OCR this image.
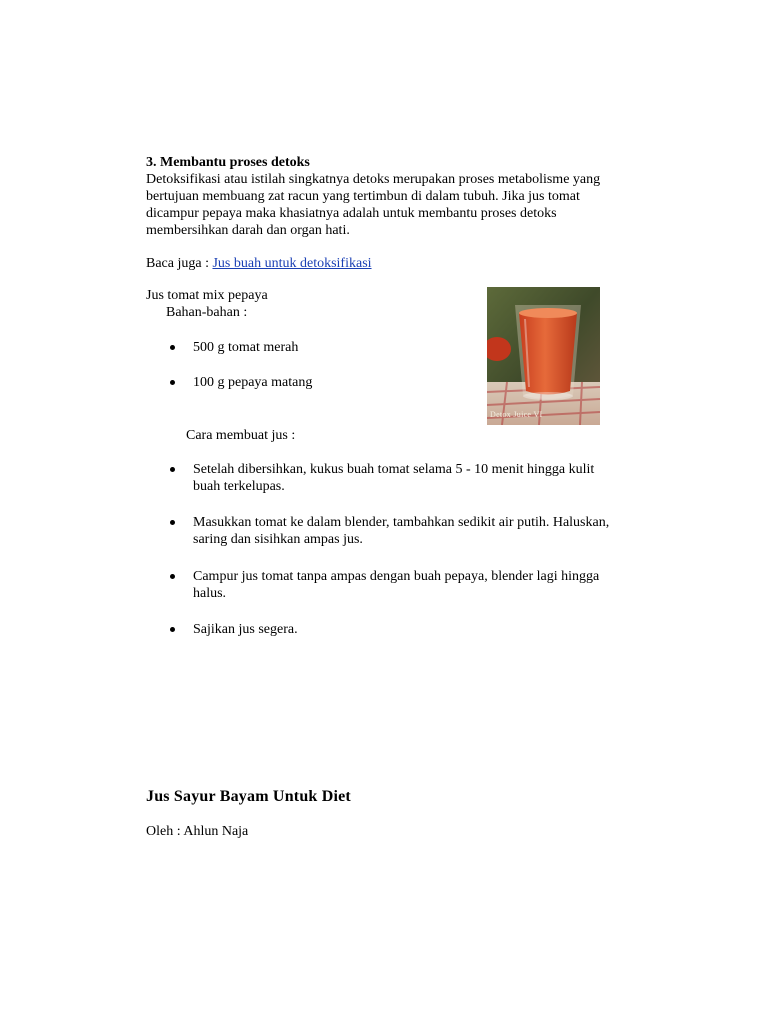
3. Membantu proses detoks
Detoksifikasi atau istilah singkatnya detoks merupakan proses metabolisme yang
bertujuan membuang zat racun yang tertimbun di dalam tubuh. Jika jus tomat
dicampur pepaya maka khasiatnya adalah untuk membantu proses detoks
membersihkan darah dan organ hati.
Baca juga : Jus buah untuk detoksifikasi
Jus tomat mix pepaya
Bahan-bahan :
500 g tomat merah
100 g pepaya matang
Detox Juice VI
Cara membuat jus :
Setelah dibersihkan, kukus buah tomat selama 5 - 10 menit hingga kulit
buah terkelupas.
Masukkan tomat ke dalam blender, tambahkan sedikit air putih. Haluskan,
saring dan sisihkan ampas jus.
Campur jus tomat tanpa ampas dengan buah pepaya, blender lagi hingga
halus.
Sajikan jus segera.
Jus Sayur Bayam Untuk Diet
Oleh : Ahlun Naja
